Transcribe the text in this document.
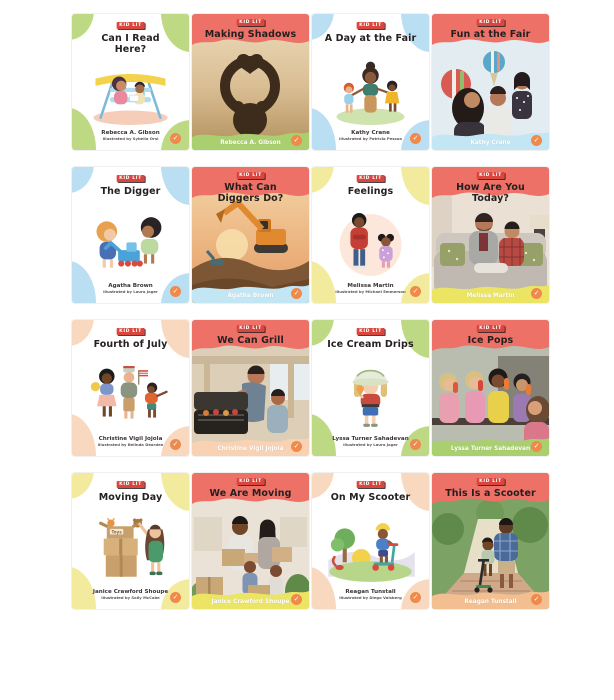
KID LIT
Can I Read Here?

Rebecca A. Gibson

Illustrated by Sybella Orsi	✓
KID LIT
Making Shadows

Rebecca A. Gibson	✓
KID LIT
A Day at the Fair

Kathy Crane

Illustrated by Patricia Pessoa	✓
KID LIT
Fun at the Fair

Kathy Crane	✓
KID LIT
The Digger

Agatha Brown

Illustrated by Laura Jager	✓
KID LIT
What Can Diggers Do?

Agatha Brown	✓
KID LIT
Feelings

Melissa Martin

Illustrated by Michael Emmerson ✓
KID LIT
How Are You Today?

Melissa Martin	✓
KID LIT
Fourth of July

Christine Vigil Jojola

Illustrated by Belinda Dearden	✓
KID LIT
We Can Grill

Christine Vigil Jojola	✓
KID LIT
Ice Cream Drips

Lyssa Turner Sahadevan

Illustrated by Laura Jager	✓
KID LIT
Ice Pops

Lyssa Turner Sahadevan ✓
KID LIT
Moving Day
Toys

Janice Crawford Shoupe

Illustrated by Sally McCabe	✓
KID LIT
We Are Moving

Janice Crawford Shoupe ✓
KID LIT
On My Scooter

Reagan Tunstall

Illustrated by Diego Vaisberg	✓
KID LIT
This Is a Scooter

Reagan Tunstall	✓
